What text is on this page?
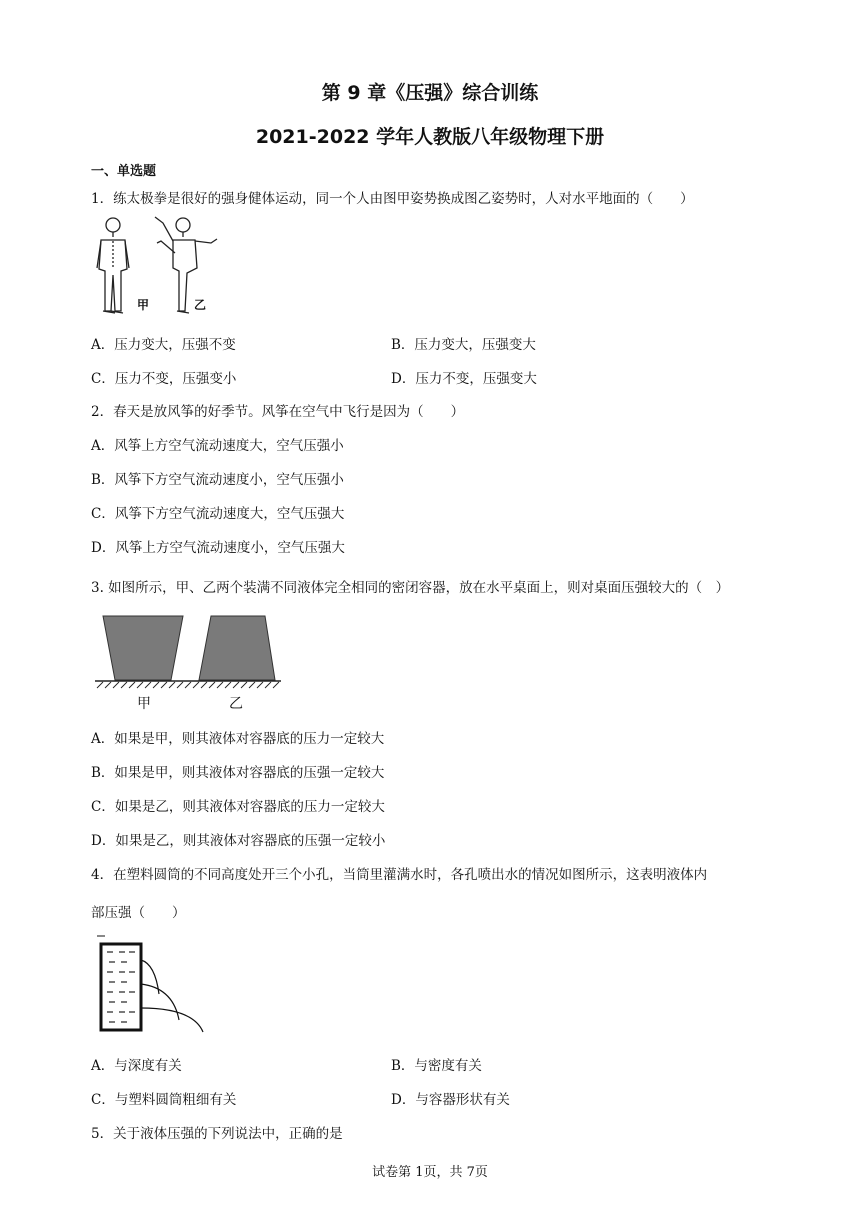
第 9 章《压强》综合训练
2021-2022 学年人教版八年级物理下册
一、单选题
1．练太极拳是很好的强身健体运动，同一个人由图甲姿势换成图乙姿势时，人对水平地面的（　　）
甲	乙
A．压力变大，压强不变	B．压力变大，压强变大
C．压力不变，压强变小	D．压力不变，压强变大
2．春天是放风筝的好季节。风筝在空气中飞行是因为（　　）
A．风筝上方空气流动速度大，空气压强小
B．风筝下方空气流动速度小，空气压强小
C．风筝下方空气流动速度大，空气压强大
D．风筝上方空气流动速度小，空气压强大
3. 如图所示，甲、乙两个装满不同液体完全相同的密闭容器，放在水平桌面上，则对桌面压强较大的（　）
甲	乙
A．如果是甲，则其液体对容器底的压力一定较大
B．如果是甲，则其液体对容器底的压强一定较大
C．如果是乙，则其液体对容器底的压力一定较大
D．如果是乙，则其液体对容器底的压强一定较小
4．在塑料圆筒的不同高度处开三个小孔，当筒里灌满水时，各孔喷出水的情况如图所示，这表明液体内
部压强（　　）
A．与深度有关	B．与密度有关
C．与塑料圆筒粗细有关	D．与容器形状有关
5．关于液体压强的下列说法中，正确的是
试卷第 1页，共 7页
